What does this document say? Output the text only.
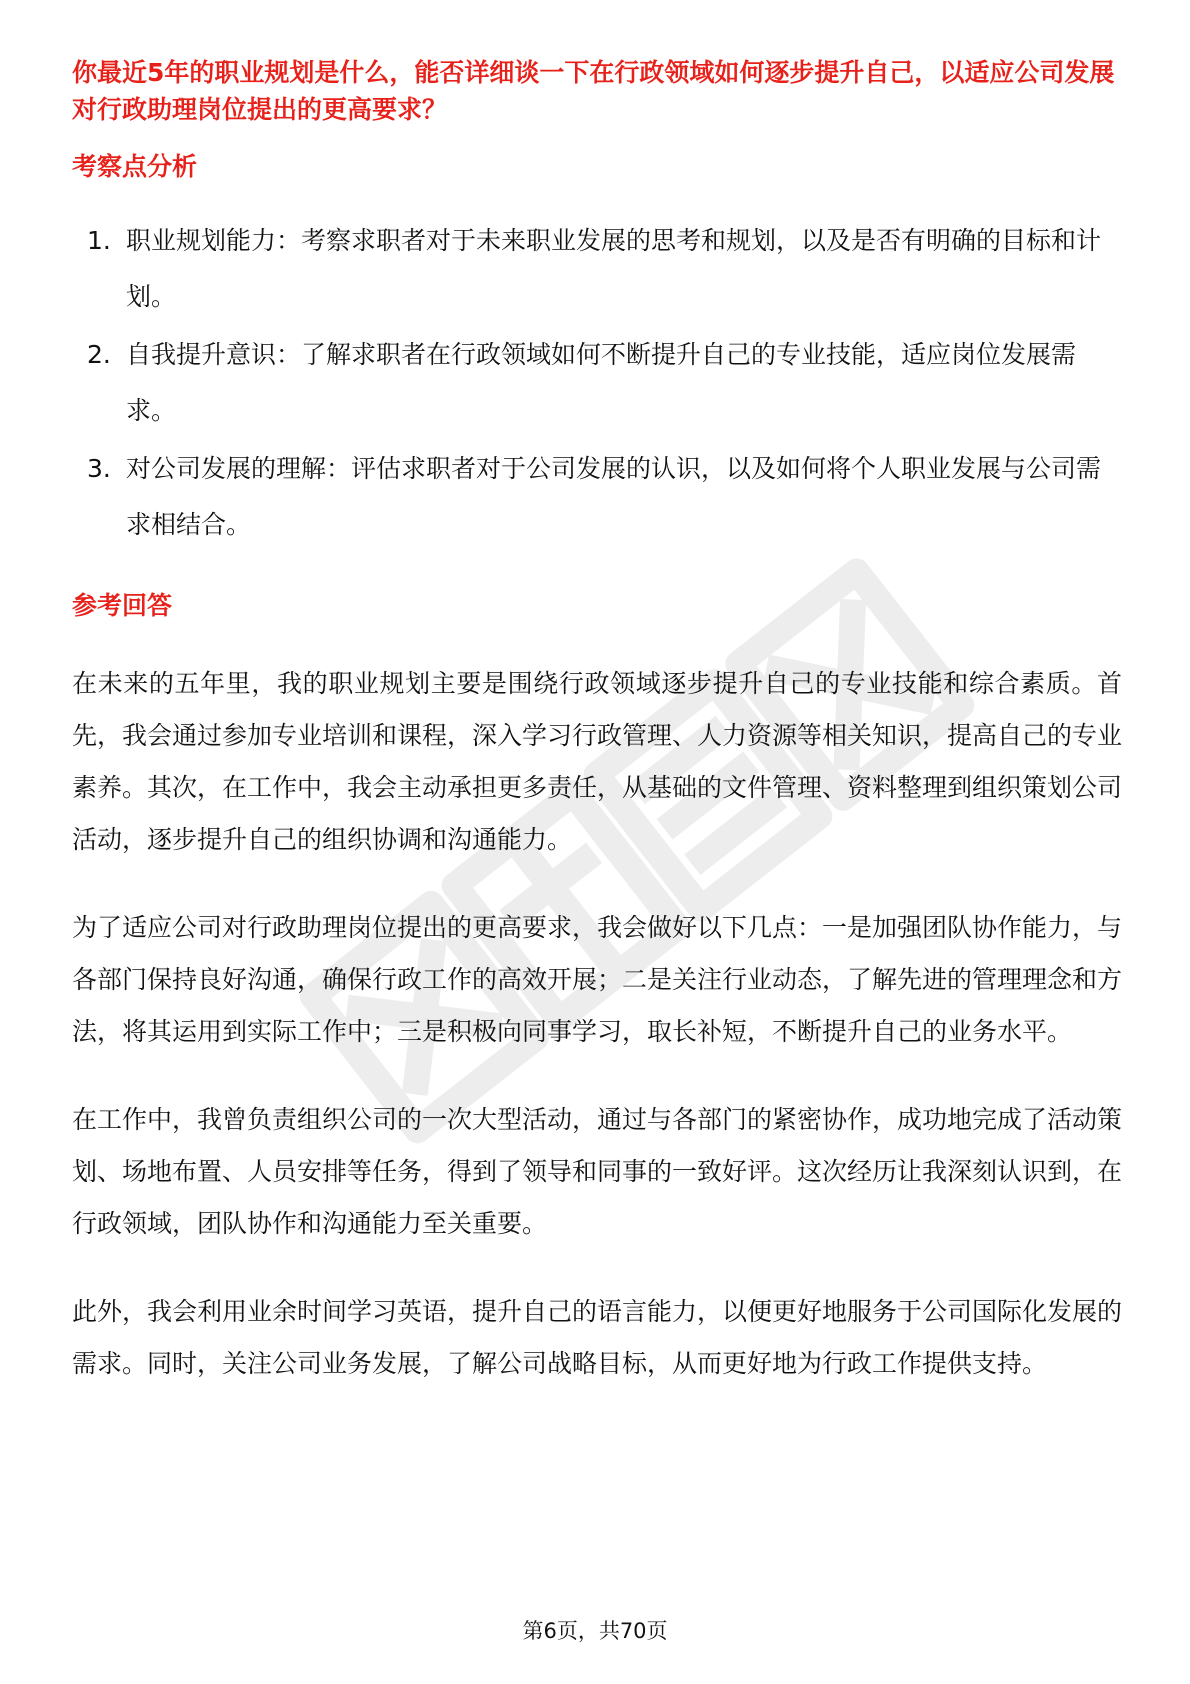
你最近5年的职业规划是什么，能否详细谈一下在行政领域如何逐步提升自己，以适应公司发展对行政助理岗位提出的更高要求？

考察点分析
1. 职业规划能力：考察求职者对于未来职业发展的思考和规划，以及是否有明确的目标和计划。
2. 自我提升意识：了解求职者在行政领域如何不断提升自己的专业技能，适应岗位发展需求。
3. 对公司发展的理解：评估求职者对于公司发展的认识，以及如何将个人职业发展与公司需求相结合。
参考回答

在未来的五年里，我的职业规划主要是围绕行政领域逐步提升自己的专业技能和综合素质。首先，我会通过参加专业培训和课程，深入学习行政管理、人力资源等相关知识，提高自己的专业素养。其次，在工作中，我会主动承担更多责任，从基础的文件管理、资料整理到组织策划公司活动，逐步提升自己的组织协调和沟通能力。

为了适应公司对行政助理岗位提出的更高要求，我会做好以下几点：一是加强团队协作能力，与各部门保持良好沟通，确保行政工作的高效开展；二是关注行业动态，了解先进的管理理念和方法，将其运用到实际工作中；三是积极向同事学习，取长补短，不断提升自己的业务水平。

在工作中，我曾负责组织公司的一次大型活动，通过与各部门的紧密协作，成功地完成了活动策划、场地布置、人员安排等任务，得到了领导和同事的一致好评。这次经历让我深刻认识到，在行政领域，团队协作和沟通能力至关重要。

此外，我会利用业余时间学习英语，提升自己的语言能力，以便更好地服务于公司国际化发展的需求。同时，关注公司业务发展，了解公司战略目标，从而更好地为行政工作提供支持。

第6页，共70页
